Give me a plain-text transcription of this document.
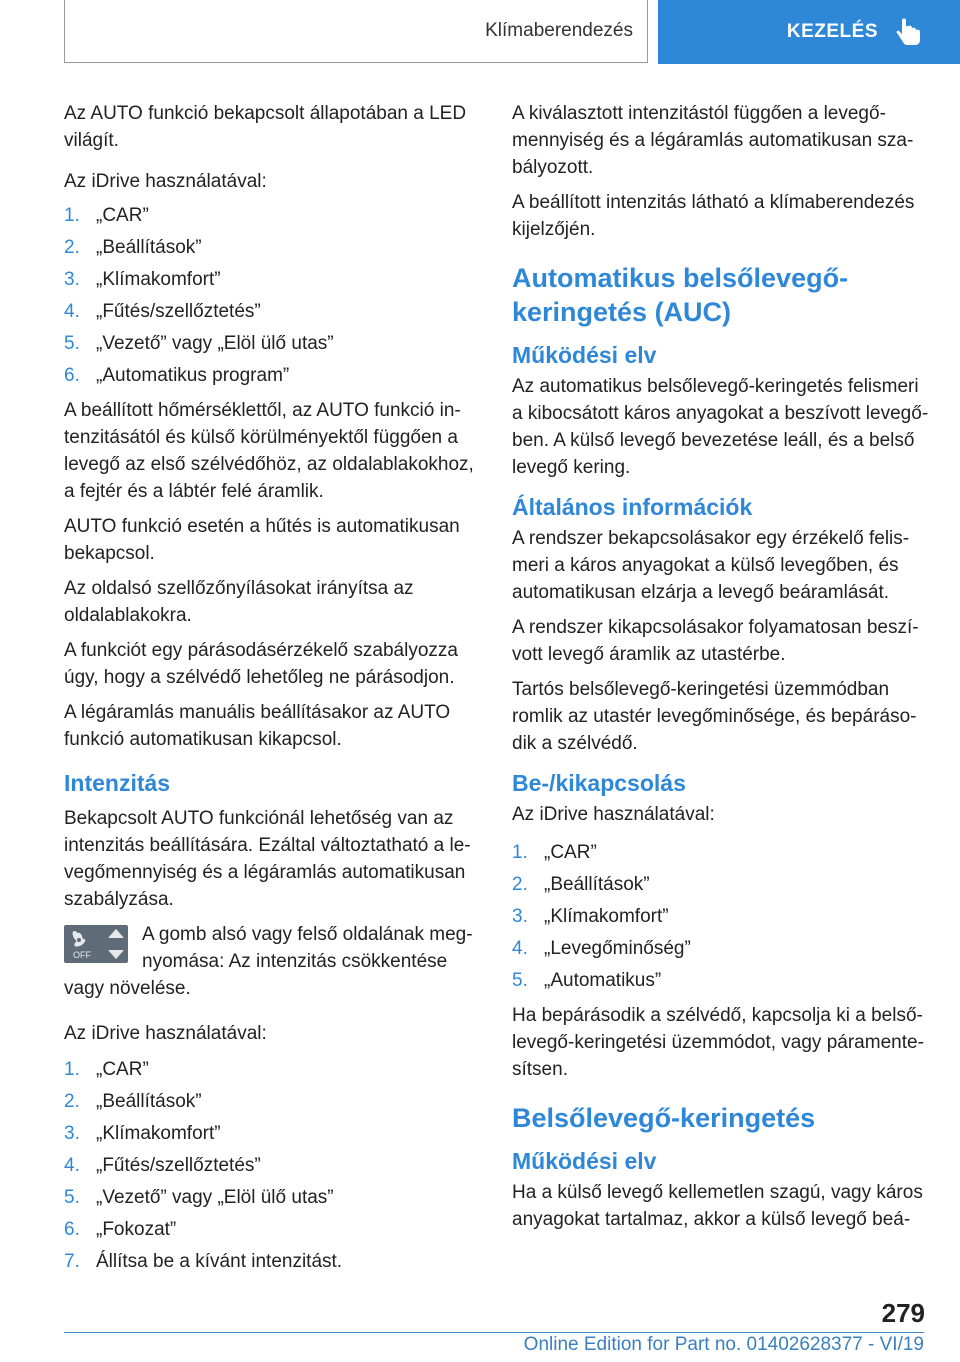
Klímaberendezés	KEZELÉS

Az AUTO funkció bekapcsolt állapotában a LED világít.

Az iDrive használatával:

1. „CAR”
2. „Beállítások”
3. „Klímakomfort”
4. „Fűtés/szellőztetés”
5. „Vezető” vagy „Elöl ülő utas”
6. „Automatikus program”

A beállított hőmérséklettől, az AUTO funkció intenzitásától és külső körülményektől függően a levegő az első szélvédőhöz, az oldalablakokhoz, a fejtér és a lábtér felé áramlik.

AUTO funkció esetén a hűtés is automatikusan bekapcsol.

Az oldalsó szellőzőnyílásokat irányítsa az oldalablakokra.

A funkciót egy párásodásérzékelő szabályozza úgy, hogy a szélvédő lehetőleg ne párásodjon.

A légáramlás manuális beállításakor az AUTO funkció automatikusan kikapcsol.

Intenzitás

Bekapcsolt AUTO funkciónál lehetőség van az intenzitás beállítására. Ezáltal változtatható a levegőmennyiség és a légáramlás automatikusan szabályzása.

OFF
A gomb alsó vagy felső oldalának megnyomása: Az intenzitás csökkentése vagy növelése.

Az iDrive használatával:

1. „CAR”
2. „Beállítások”
3. „Klímakomfort”
4. „Fűtés/szellőztetés”
5. „Vezető” vagy „Elöl ülő utas”
6. „Fokozat”
7. Állítsa be a kívánt intenzitást.

A kiválasztott intenzitástól függően a levegőmennyiség és a légáramlás automatikusan szabályozott.

A beállított intenzitás látható a klímaberendezés kijelzőjén.

Automatikus belsőlevegő-keringetés (AUC)
Működési elv

Az automatikus belsőlevegő-keringetés felismeri a kibocsátott káros anyagokat a beszívott levegőben. A külső levegő bevezetése leáll, és a belső levegő kering.

Általános információk

A rendszer bekapcsolásakor egy érzékelő felismeri a káros anyagokat a külső levegőben, és automatikusan elzárja a levegő beáramlását.

A rendszer kikapcsolásakor folyamatosan beszívott levegő áramlik az utastérbe.

Tartós belsőlevegő-keringetési üzemmódban romlik az utastér levegőminősége, és bepárásodik a szélvédő.

Be-/kikapcsolás

Az iDrive használatával:

1. „CAR”
2. „Beállítások”
3. „Klímakomfort”
4. „Levegőminőség”
5. „Automatikus”

Ha bepárásodik a szélvédő, kapcsolja ki a belsőlevegő-keringetési üzemmódot, vagy páramentesítsen.

Belsőlevegő-keringetés
Működési elv

Ha a külső levegő kellemetlen szagú, vagy káros anyagokat tartalmaz, akkor a külső levegő beá-

279
Online Edition for Part no. 01402628377 - VI/19
